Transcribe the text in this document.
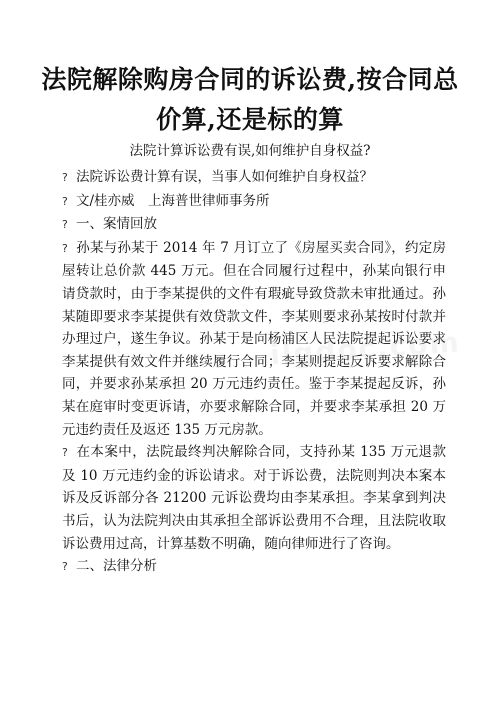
法院解除购房合同的诉讼费,按合同总价算,还是标的算
法院计算诉讼费有误,如何维护自身权益?
? 法院诉讼费计算有误，当事人如何维护自身权益？
? 文/桂亦威　上海普世律师事务所
? 一、案情回放

? 孙某与孙某于 2014 年 7 月订立了《房屋买卖合同》，约定房屋转让总价款 445 万元。但在合同履行过程中，孙某向银行申请贷款时，由于李某提供的文件有瑕疵导致贷款未审批通过。孙某随即要求李某提供有效贷款文件，李某则要求孙某按时付款并办理过户，遂生争议。孙某于是向杨浦区人民法院提起诉讼要求李某提供有效文件并继续履行合同；李某则提起反诉要求解除合同，并要求孙某承担 20 万元违约责任。鉴于李某提起反诉，孙某在庭审时变更诉请，亦要求解除合同，并要求李某承担 20 万元违约责任及返还 135 万元房款。

? 在本案中，法院最终判决解除合同，支持孙某 135 万元退款及 10 万元违约金的诉讼请求。对于诉讼费，法院则判决本案本诉及反诉部分各 21200 元诉讼费均由李某承担。李某拿到判决书后，认为法院判决由其承担全部诉讼费用不合理，且法院收取诉讼费用过高，计算基数不明确，随向律师进行了咨询。

? 二、法律分析
